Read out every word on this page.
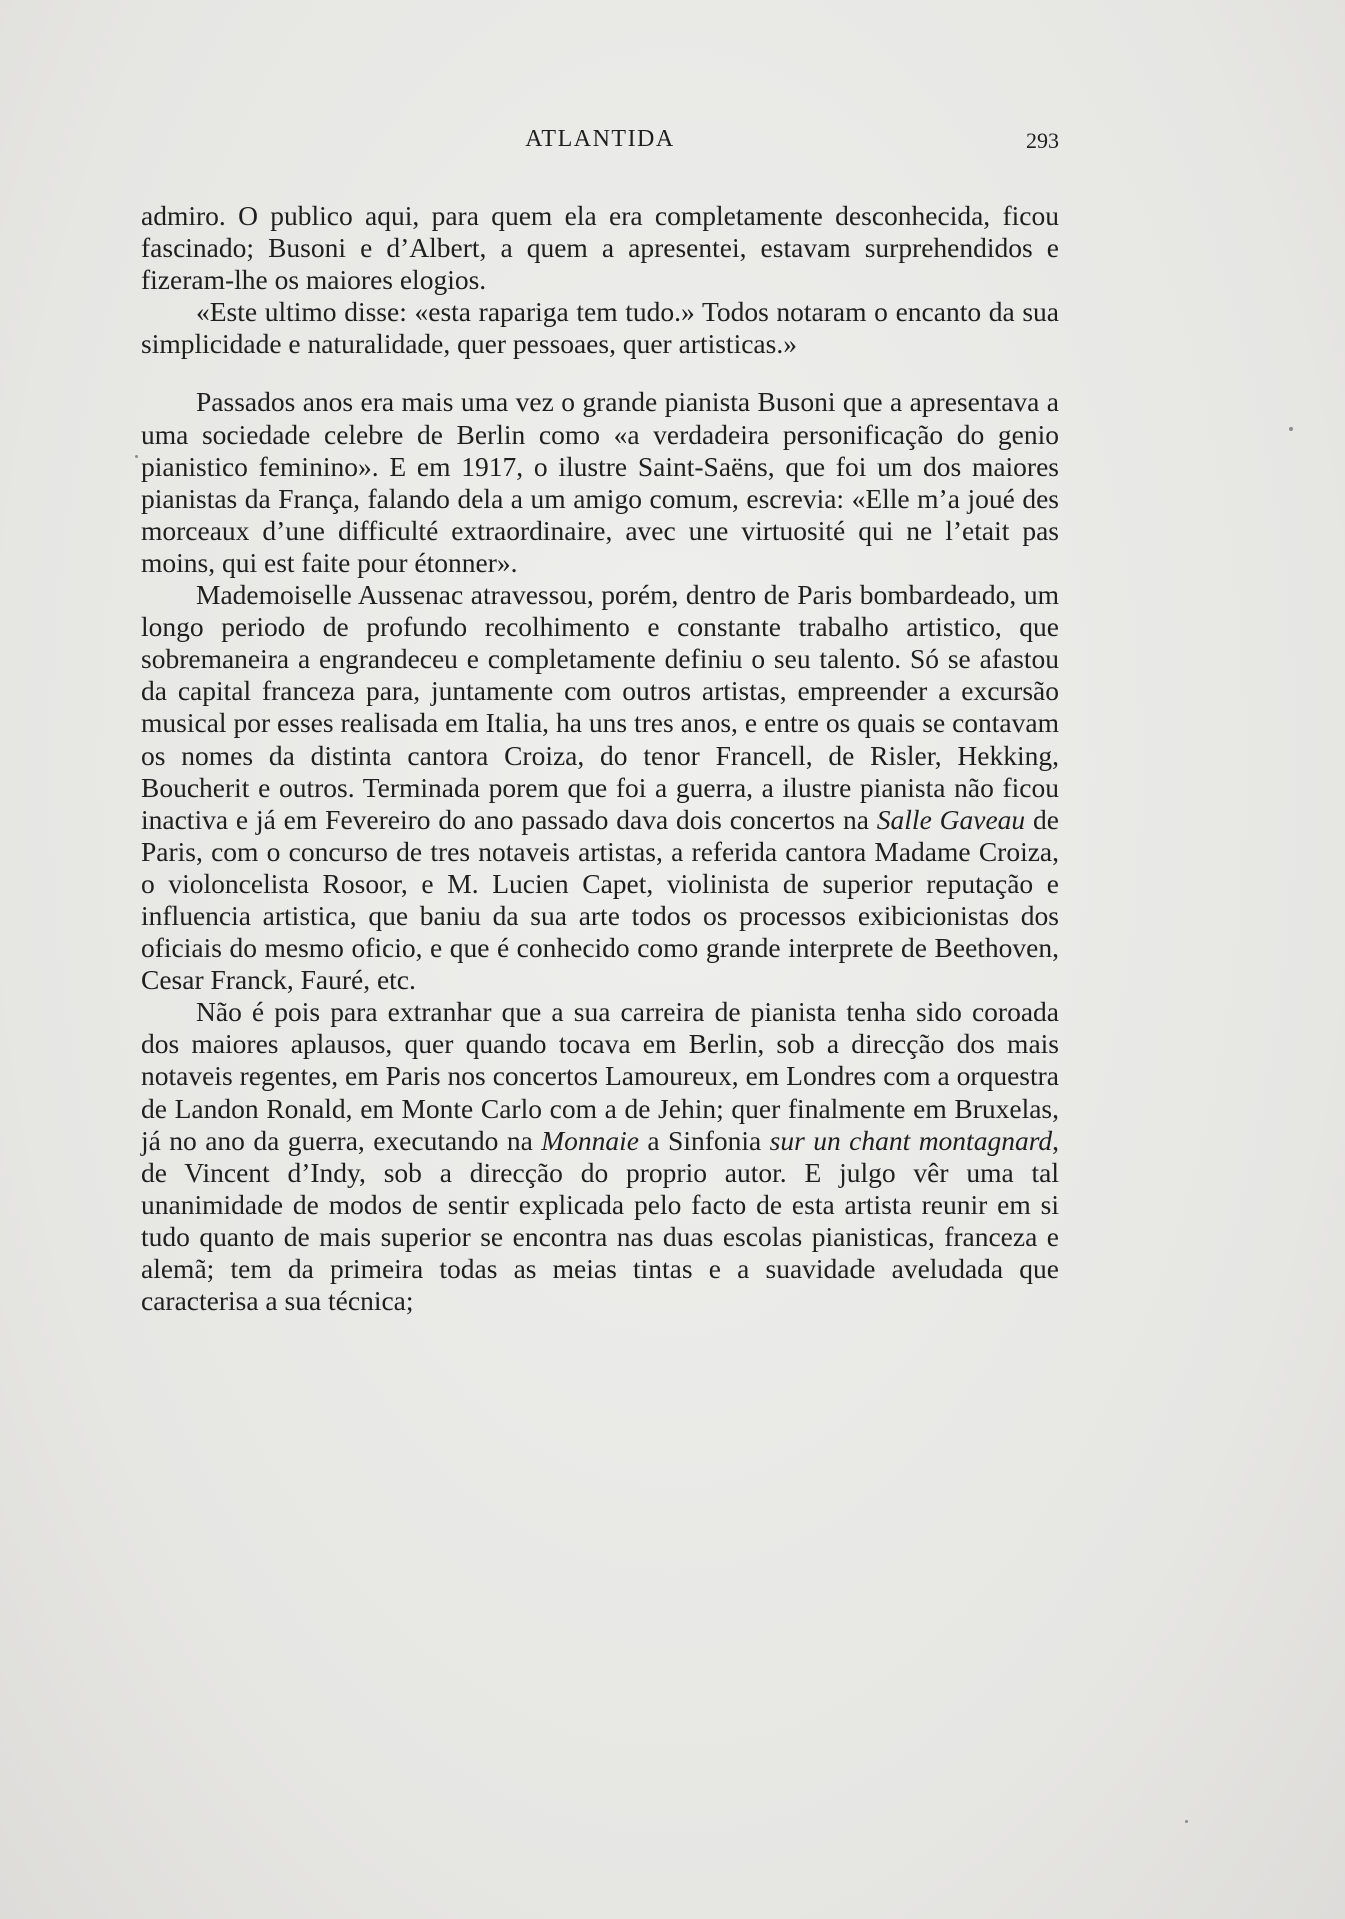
ATLANTIDA	293

admiro. O publico aqui, para quem ela era completamente desconhecida, ficou fascinado; Busoni e d’Albert, a quem a apresentei, estavam surprehendidos e fizeram-lhe os maiores elogios.

«Este ultimo disse: «esta rapariga tem tudo.» Todos notaram o encanto da sua simplicidade e naturalidade, quer pessoaes, quer artisticas.»

Passados anos era mais uma vez o grande pianista Busoni que a apresentava a uma sociedade celebre de Berlin como «a verdadeira personificação do genio pianistico feminino». E em 1917, o ilustre Saint-Saëns, que foi um dos maiores pianistas da França, falando dela a um amigo comum, escrevia: «Elle m’a joué des morceaux d’une difficulté extraordinaire, avec une virtuosité qui ne l’etait pas moins, qui est faite pour étonner».

Mademoiselle Aussenac atravessou, porém, dentro de Paris bombardeado, um longo periodo de profundo recolhimento e constante trabalho artistico, que sobremaneira a engrandeceu e completamente definiu o seu talento. Só se afastou da capital franceza para, juntamente com outros artistas, empreender a excursão musical por esses realisada em Italia, ha uns tres anos, e entre os quais se contavam os nomes da distinta cantora Croiza, do tenor Francell, de Risler, Hekking, Boucherit e outros. Terminada porem que foi a guerra, a ilustre pianista não ficou inactiva e já em Fevereiro do ano passado dava dois concertos na Salle Gaveau de Paris, com o concurso de tres notaveis artistas, a referida cantora Madame Croiza, o violoncelista Rosoor, e M. Lucien Capet, violinista de superior reputação e influencia artistica, que baniu da sua arte todos os processos exibicionistas dos oficiais do mesmo oficio, e que é conhecido como grande interprete de Beethoven, Cesar Franck, Fauré, etc.

Não é pois para extranhar que a sua carreira de pianista tenha sido coroada dos maiores aplausos, quer quando tocava em Berlin, sob a direcção dos mais notaveis regentes, em Paris nos concertos Lamoureux, em Londres com a orquestra de Landon Ronald, em Monte Carlo com a de Jehin; quer finalmente em Bruxelas, já no ano da guerra, executando na Monnaie a Sinfonia sur un chant montagnard, de Vincent d’Indy, sob a direcção do proprio autor. E julgo vêr uma tal unanimidade de modos de sentir explicada pelo facto de esta artista reunir em si tudo quanto de mais superior se encontra nas duas escolas pianisticas, franceza e alemã; tem da primeira todas as meias tintas e a suavidade aveludada que caracterisa a sua técnica;
